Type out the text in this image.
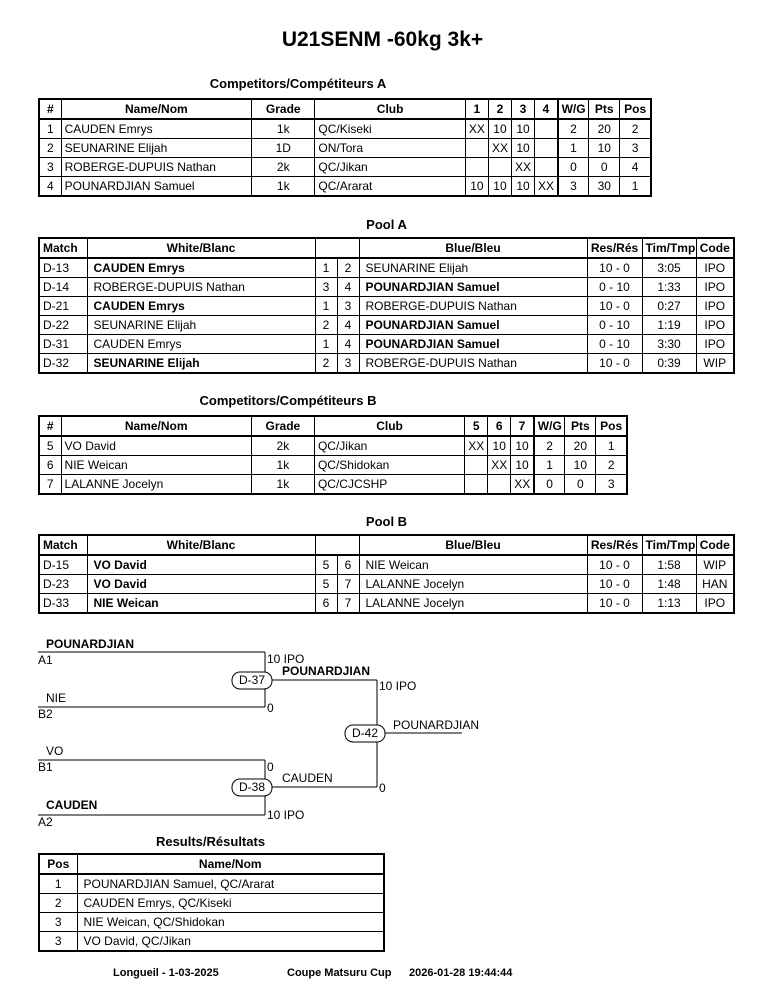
U21SENM -60kg 3k+
Competitors/Compétiteurs A
#	Name/Nom	Grade	Club	1	2	3	4	W/G	Pts	Pos
1	CAUDEN Emrys	1k	QC/Kiseki	XX	10	10		2	20	2
2	SEUNARINE Elijah	1D	ON/Tora		XX	10		1	10	3
3	ROBERGE-DUPUIS Nathan	2k	QC/Jikan			XX		0	0	4
4	POUNARDJIAN Samuel	1k	QC/Ararat	10	10	10	XX	3	30	1
Pool A
Match	White/Blanc			Blue/Bleu	Res/Rés	Tim/Tmp	Code
D-13	CAUDEN Emrys	1	2	SEUNARINE Elijah	10 - 0	3:05	IPO
D-14	ROBERGE-DUPUIS Nathan	3	4	POUNARDJIAN Samuel	0 - 10	1:33	IPO
D-21	CAUDEN Emrys	1	3	ROBERGE-DUPUIS Nathan	10 - 0	0:27	IPO
D-22	SEUNARINE Elijah	2	4	POUNARDJIAN Samuel	0 - 10	1:19	IPO
D-31	CAUDEN Emrys	1	4	POUNARDJIAN Samuel	0 - 10	3:30	IPO
D-32	SEUNARINE Elijah	2	3	ROBERGE-DUPUIS Nathan	10 - 0	0:39	WIP
Competitors/Compétiteurs B
#	Name/Nom	Grade	Club	5	6	7	W/G	Pts	Pos
5	VO David	2k	QC/Jikan	XX	10	10	2	20	1
6	NIE Weican	1k	QC/Shidokan		XX	10	1	10	2
7	LALANNE Jocelyn	1k	QC/CJCSHP			XX	0	0	3
Pool B
Match	White/Blanc			Blue/Bleu	Res/Rés	Tim/Tmp	Code
D-15	VO David	5	6	NIE Weican	10 - 0	1:58	WIP
D-23	VO David	5	7	LALANNE Jocelyn	10 - 0	1:48	HAN
D-33	NIE Weican	6	7	LALANNE Jocelyn	10 - 0	1:13	IPO
POUNARDJIAN
A1	10 IPO
NIE
B2	0
D-37
POUNARDJIAN
10 IPO
VO
B1	0
CAUDEN
A2	10 IPO
D-38
CAUDEN
0
D-42
POUNARDJIAN
Results/Résultats
Pos	Name/Nom
1	POUNARDJIAN Samuel, QC/Ararat
2	CAUDEN Emrys, QC/Kiseki
3	NIE Weican, QC/Shidokan
3	VO David, QC/Jikan
Longueil - 1-03-2025	Coupe Matsuru Cup 2026-01-28 19:44:44
